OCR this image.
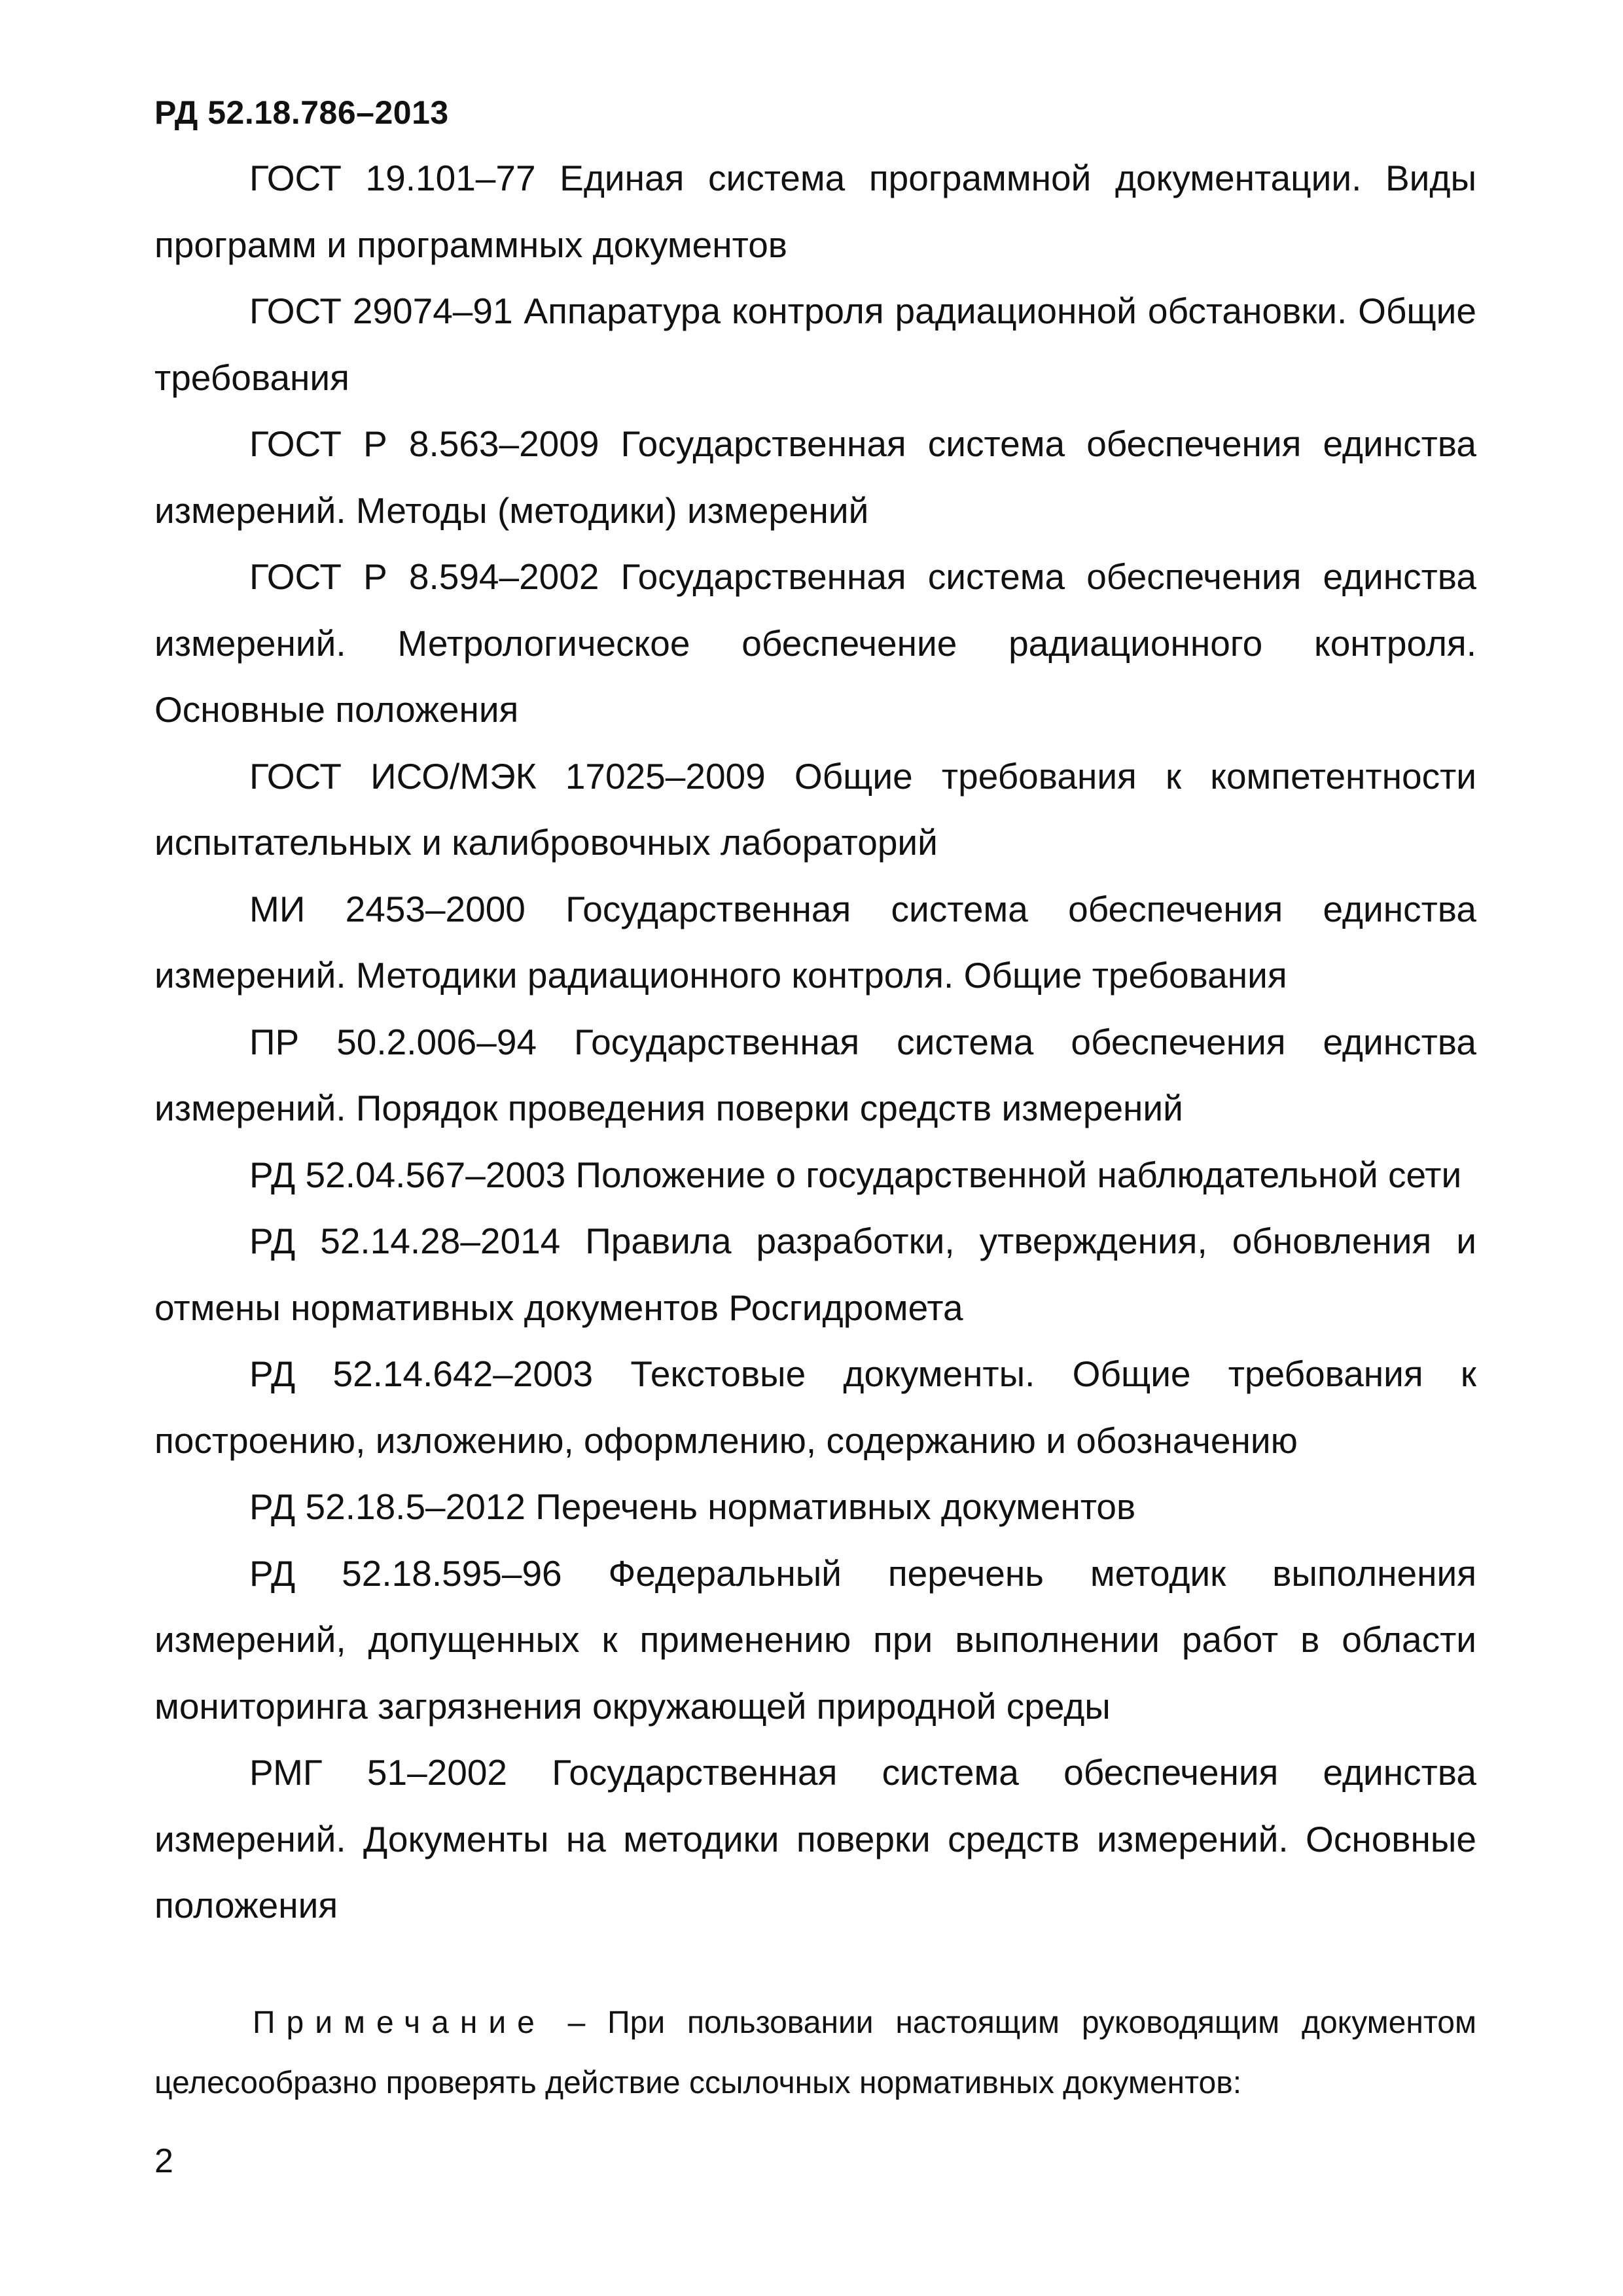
РД 52.18.786–2013

ГОСТ 19.101–77 Единая система программной документации. Виды программ и программных документов

ГОСТ 29074–91 Аппаратура контроля радиационной обстановки. Общие требования

ГОСТ Р 8.563–2009 Государственная система обеспечения единства измерений. Методы (методики) измерений

ГОСТ Р 8.594–2002 Государственная система обеспечения единства измерений. Метрологическое обеспечение радиационного контроля. Основные положения

ГОСТ ИСО/МЭК 17025–2009 Общие требования к компетентности испытательных и калибровочных лабораторий

МИ 2453–2000 Государственная система обеспечения единства измерений. Методики радиационного контроля. Общие требования

ПР 50.2.006–94 Государственная система обеспечения единства измерений. Порядок проведения поверки средств измерений

РД 52.04.567–2003 Положение о государственной наблюдательной сети

РД 52.14.28–2014 Правила разработки, утверждения, обновления и отмены нормативных документов Росгидромета

РД 52.14.642–2003 Текстовые документы. Общие требования к построению, изложению, оформлению, содержанию и обозначению

РД 52.18.5–2012 Перечень нормативных документов

РД 52.18.595–96 Федеральный перечень методик выполнения измерений, допущенных к применению при выполнении работ в области мониторинга загрязнения окружающей природной среды

РМГ 51–2002 Государственная система обеспечения единства измерений. Документы на методики поверки средств измерений. Основные положения

Примечание – При пользовании настоящим руководящим документом целесообразно проверять действие ссылочных нормативных документов:

2
